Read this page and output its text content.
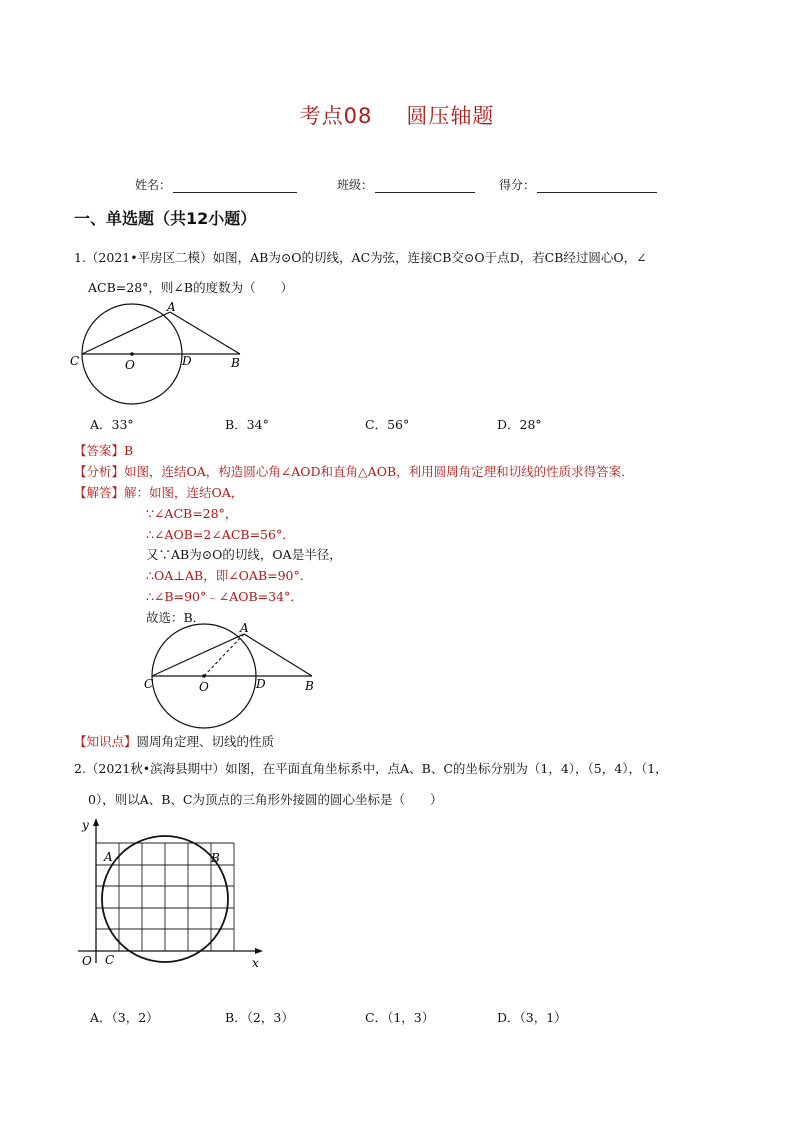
考点08 圆压轴题
姓名：	班级：	得分：
一、单选题（共12小题）
1.（2021•平房区二模）如图，AB为⊙O的切线，AC为弦，连接CB交⊙O于点D，若CB经过圆心O，∠
ACB=28°，则∠B的度数为（　　）
A
C	O	D	B
A．33°	B．34°	C．56°	D．28°
【答案】B
【分析】如图，连结OA，构造圆心角∠AOD和直角△AOB，利用圆周角定理和切线的性质求得答案．
【解答】解：如图，连结OA，
∵∠ACB=28°，
∴∠AOB=2∠ACB=56°．
又∵AB为⊙O的切线，OA是半径，
∴OA⊥AB，即∠OAB=90°．
∴∠B=90°﹣∠AOB=34°．
故选：B．
A
C	O	D	B
【知识点】圆周角定理、切线的性质
2.（2021秋•滨海县期中）如图，在平面直角坐标系中，点A、B、C的坐标分别为（1，4），（5，4），（1，
0），则以A、B、C为顶点的三角形外接圆的圆心坐标是（　　）
y
x
O
A	B
C
A．（3，2）	B．（2，3）	C．（1，3）	D．（3，1）
